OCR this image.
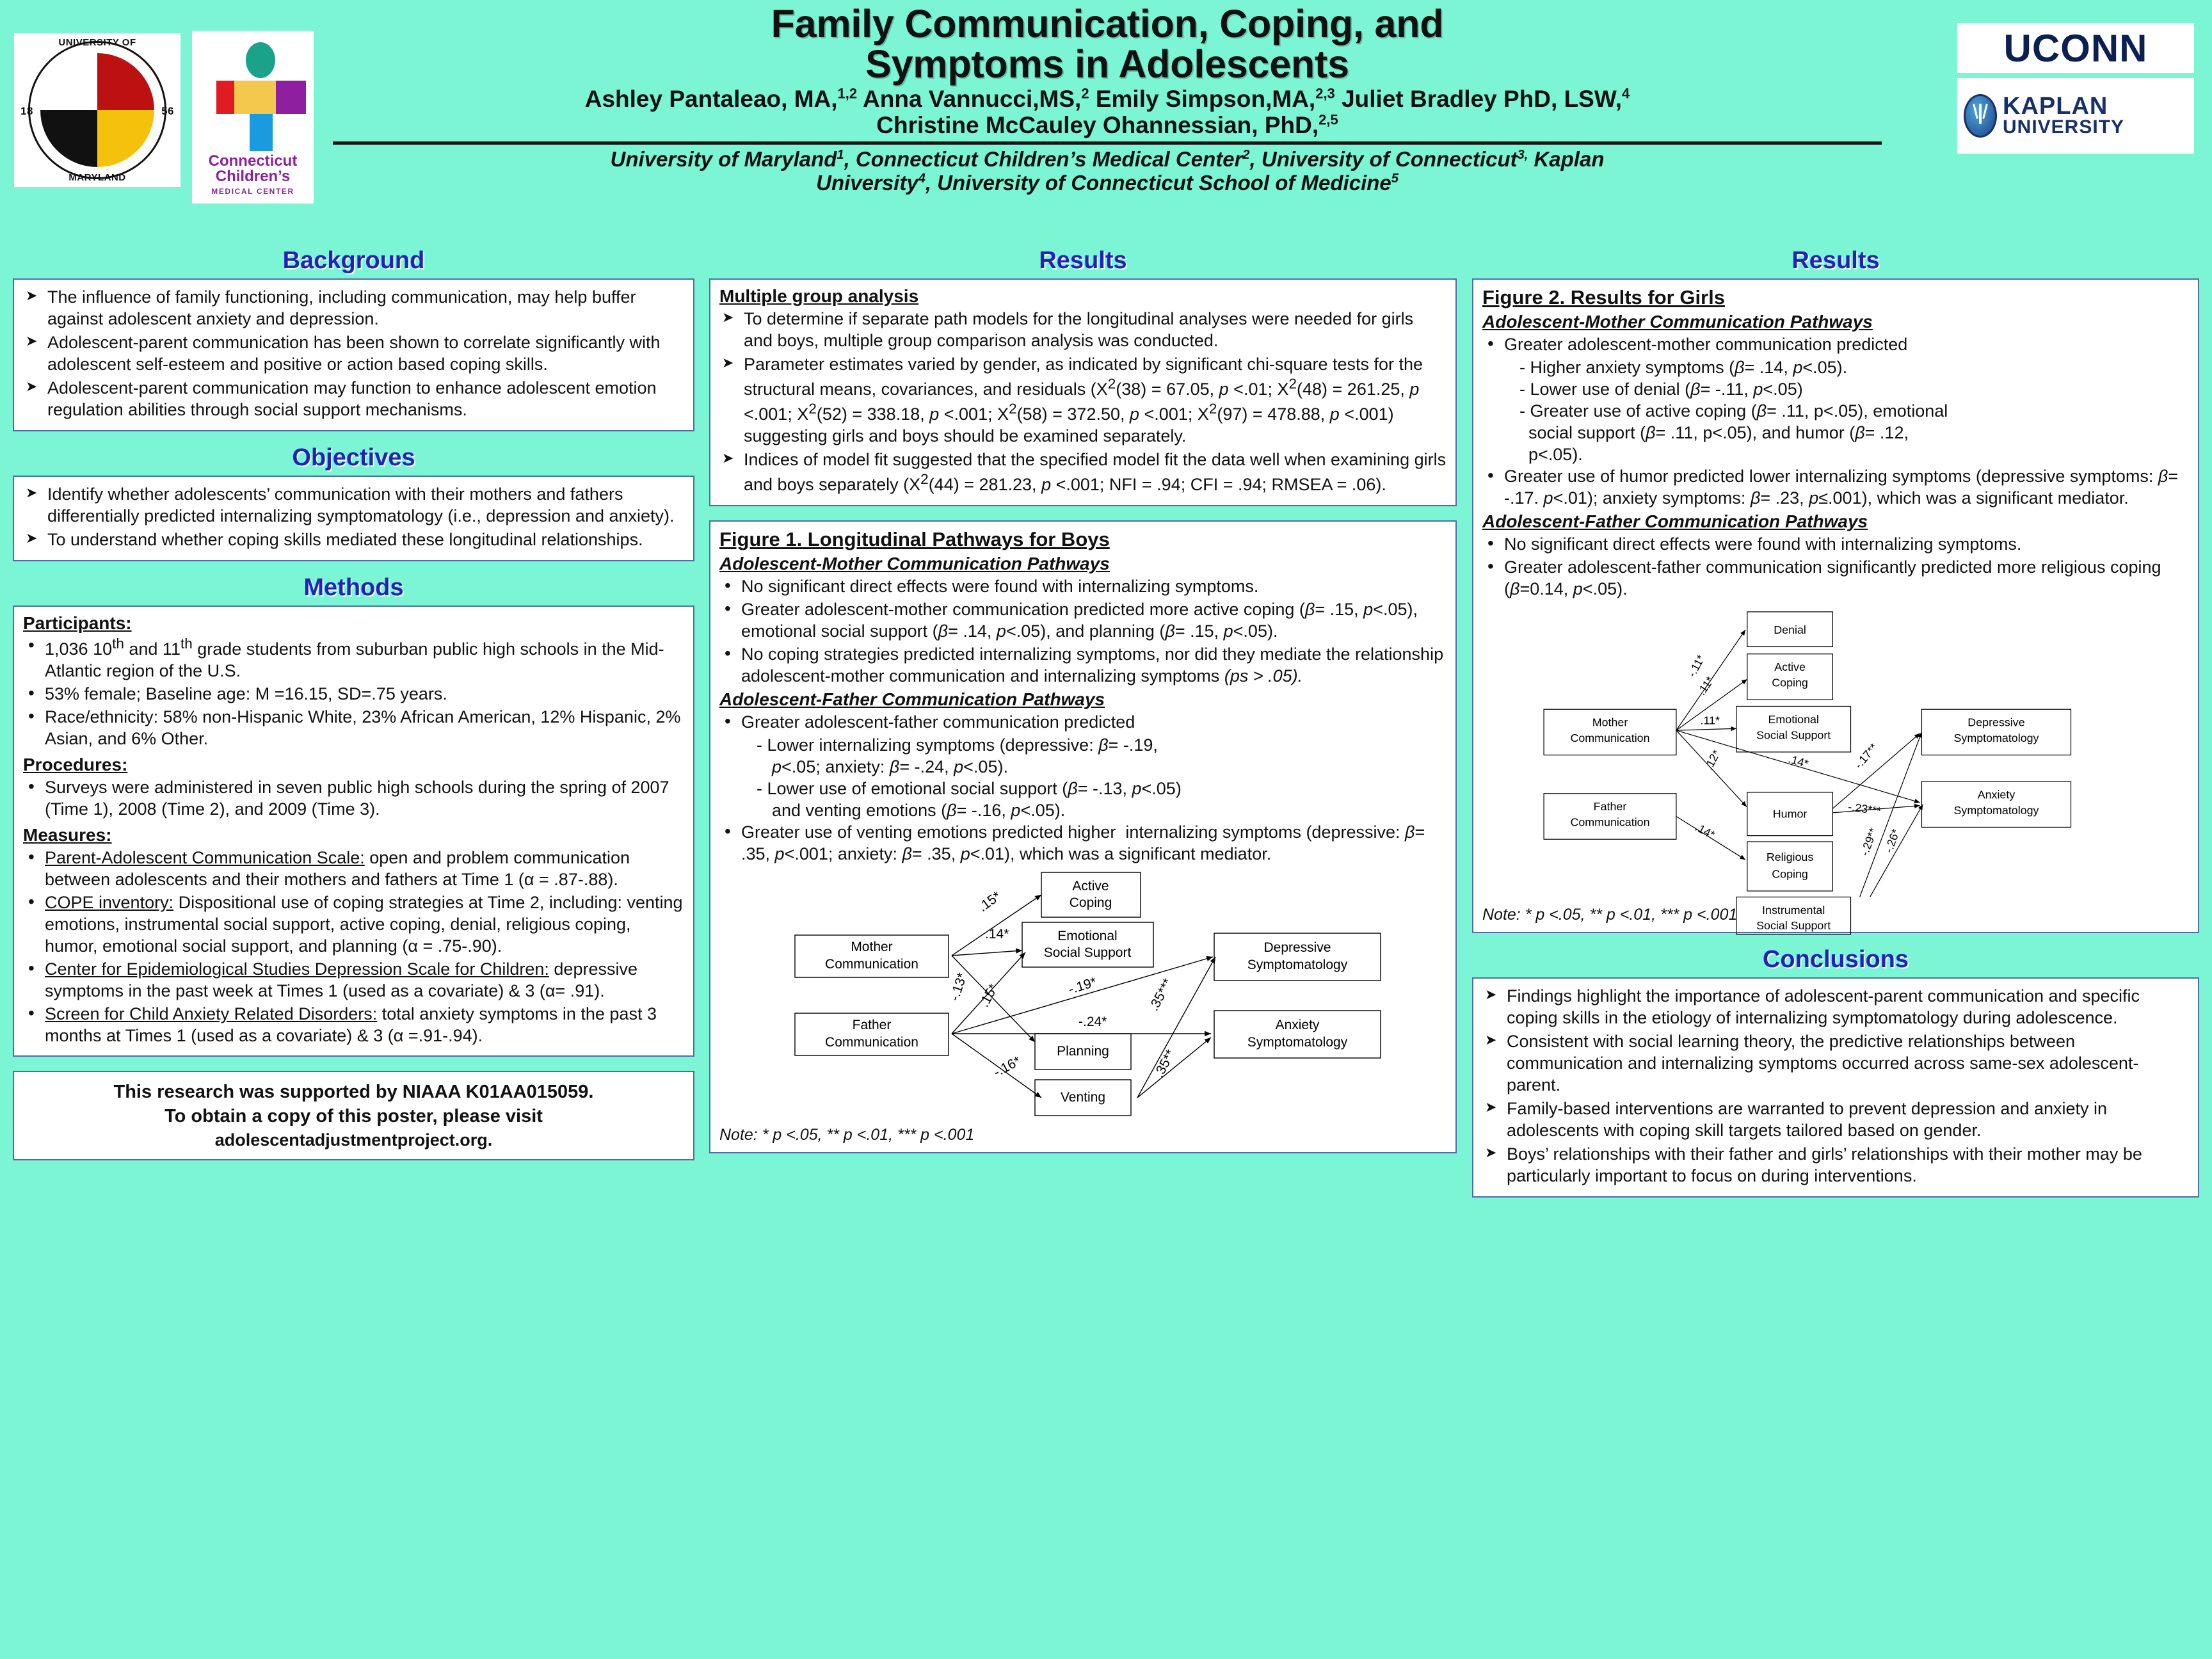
UNIVERSITY OF
MARYLAND
18	56
Connecticut
Children’s
MEDICAL CENTER
Family Communication, Coping, and
Symptoms in Adolescents
Ashley Pantaleao, MA,$^{1,2}$ Anna Vannucci,MS,$^2$ Emily Simpson,MA,$^{2,3}$ Juliet Bradley PhD, LSW,$^4$
Christine McCauley Ohannessian, PhD,$^{2,5}$
University of Maryland$^1$, Connecticut Children’s Medical Center$^2$, University of Connecticut$^{3,}$ Kaplan
University$^4$, University of Connecticut School of Medicine$^5$
UCONN
KAPLAN
UNIVERSITY
Background
➤ The influence of family functioning, including communication, may help buffer against adolescent anxiety and depression.
➤ Adolescent-parent communication has been shown to correlate significantly with adolescent self-esteem and positive or action based coping skills.
➤ Adolescent-parent communication may function to enhance adolescent emotion regulation abilities through social support mechanisms.
Objectives
➤ Identify whether adolescents’ communication with their mothers and fathers differentially predicted internalizing symptomatology (i.e., depression and anxiety).
➤ To understand whether coping skills mediated these longitudinal relationships.
Methods
Participants:
• 1,036 10th and 11th grade students from suburban public high schools in the Mid-Atlantic region of the U.S.
• 53% female; Baseline age: M =16.15, SD=.75 years.
• Race/ethnicity: 58% non-Hispanic White, 23% African American, 12% Hispanic, 2% Asian, and 6% Other.
Procedures:
• Surveys were administered in seven public high schools during the spring of 2007 (Time 1), 2008 (Time 2), and 2009 (Time 3).
Measures:
• Parent-Adolescent Communication Scale: open and problem communication between adolescents and their mothers and fathers at Time 1 (α = .87-.88).
• COPE inventory: Dispositional use of coping strategies at Time 2, including: venting emotions, instrumental social support, active coping, denial, religious coping, humor, emotional social support, and planning (α = .75-.90).
• Center for Epidemiological Studies Depression Scale for Children: depressive symptoms in the past week at Times 1 (used as a covariate) & 3 (α= .91).
• Screen for Child Anxiety Related Disorders: total anxiety symptoms in the past 3 months at Times 1 (used as a covariate) & 3 (α =.91-.94).
This research was supported by NIAAA K01AA015059.
To obtain a copy of this poster, please visit
adolescentadjustmentproject.org.
Results
Multiple group analysis
➤ To determine if separate path models for the longitudinal analyses were needed for girls and boys, multiple group comparison analysis was conducted.
➤ Parameter estimates varied by gender, as indicated by significant chi-square tests for the structural means, covariances, and residuals ($X^2(38) = 67.05$, p <.01; $X^2(48) = 261.25$, p <.001; $X^2(52) = 338.18$, p <.001; $X^2(58) = 372.50$, p <.001; $X^2(97) = 478.88$, p <.001) suggesting girls and boys should be examined separately.
➤ Indices of model fit suggested that the specified model fit the data well when examining girls and boys separately ($X^2(44) = 281.23$, p <.001; NFI = .94; CFI = .94; RMSEA = .06).
Figure 1. Longitudinal Pathways for Boys
Adolescent-Mother Communication Pathways
• No significant direct effects were found with internalizing symptoms.
• Greater adolescent-mother communication predicted more active coping (β= .15, p<.05), emotional social support (β= .14, p<.05), and planning (β= .15, p<.05).
• No coping strategies predicted internalizing symptoms, nor did they mediate the relationship adolescent-mother communication and internalizing symptoms (ps > .05).
Adolescent-Father Communication Pathways
• Greater adolescent-father communication predicted
- Lower internalizing symptoms (depressive: β= -.19,
p<.05; anxiety: β= -.24, p<.05).
- Lower use of emotional social support (β= -.13, p<.05)
and venting emotions (β= -.16, p<.05).
• Greater use of venting emotions predicted higher  internalizing symptoms (depressive: β= .35, p<.001; anxiety: β= .35, p<.01), which was a significant mediator.
Mother
Communication
Father
Communication
Active
Coping
Emotional
Social Support
Planning
Venting
Depressive
Symptomatology
Anxiety
Symptomatology
.15*
.14*
-.13* .15*	-.19*
-.24*
-.16*
.35***
.35**
Note: * p <.05, ** p <.01, *** p <.001
Results
Figure 2. Results for Girls
Adolescent-Mother Communication Pathways
• Greater adolescent-mother communication predicted
- Higher anxiety symptoms (β= .14, p<.05).
- Lower use of denial (β= -.11, p<.05)
- Greater use of active coping (β= .11, p<.05), emotional
social support (β= .11, p<.05), and humor (β= .12,
p<.05).
• Greater use of humor predicted lower internalizing symptoms (depressive symptoms: β= -.17. p<.01); anxiety symptoms: β= .23, p≤.001), which was a significant mediator.
Adolescent-Father Communication Pathways
• No significant direct effects were found with internalizing symptoms.
• Greater adolescent-father communication significantly predicted more religious coping (β=0.14, p<.05).
Mother
Communication
Father
Communication
Denial
Active
Coping
Emotional
Social Support
Humor
Religious
Coping
Instrumental
Social Support
Depressive
Symptomatology
Anxiety
Symptomatology
-.11*
.11*
.11*
.12*	.14*
.14*
-.17**
-.23***
-.29** -.26*
Note: * p <.05, ** p <.01, *** p <.001
Conclusions
➤ Findings highlight the importance of adolescent-parent communication and specific coping skills in the etiology of internalizing symptomatology during adolescence.
➤ Consistent with social learning theory, the predictive relationships between communication and internalizing symptoms occurred across same-sex adolescent-parent.
➤ Family-based interventions are warranted to prevent depression and anxiety in adolescents with coping skill targets tailored based on gender.
➤ Boys’ relationships with their father and girls’ relationships with their mother may be particularly important to focus on during interventions.
